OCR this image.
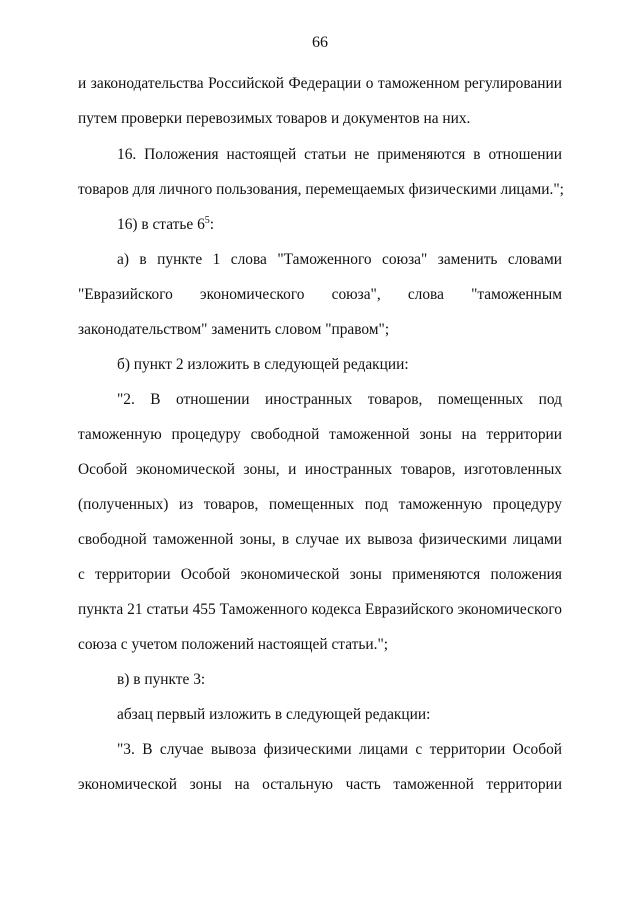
66
и законодательства Российской Федерации о таможенном регулировании
путем проверки перевозимых товаров и документов на них.
16. Положения настоящей статьи не применяются в отношении
товаров для личного пользования, перемещаемых физическими лицами.";
16) в статье $6^5$:
а) в пункте 1 слова "Таможенного союза" заменить словами
"Евразийского экономического союза", слова "таможенным
законодательством" заменить словом "правом";
б) пункт 2 изложить в следующей редакции:
"2. В отношении иностранных товаров, помещенных под
таможенную процедуру свободной таможенной зоны на территории
Особой экономической зоны, и иностранных товаров, изготовленных
(полученных) из товаров, помещенных под таможенную процедуру
свободной таможенной зоны, в случае их вывоза физическими лицами
с территории Особой экономической зоны применяются положения
пункта 21 статьи 455 Таможенного кодекса Евразийского экономического
союза с учетом положений настоящей статьи.";
в) в пункте 3:
абзац первый изложить в следующей редакции:
"3. В случае вывоза физическими лицами с территории Особой
экономической зоны на остальную часть таможенной территории
